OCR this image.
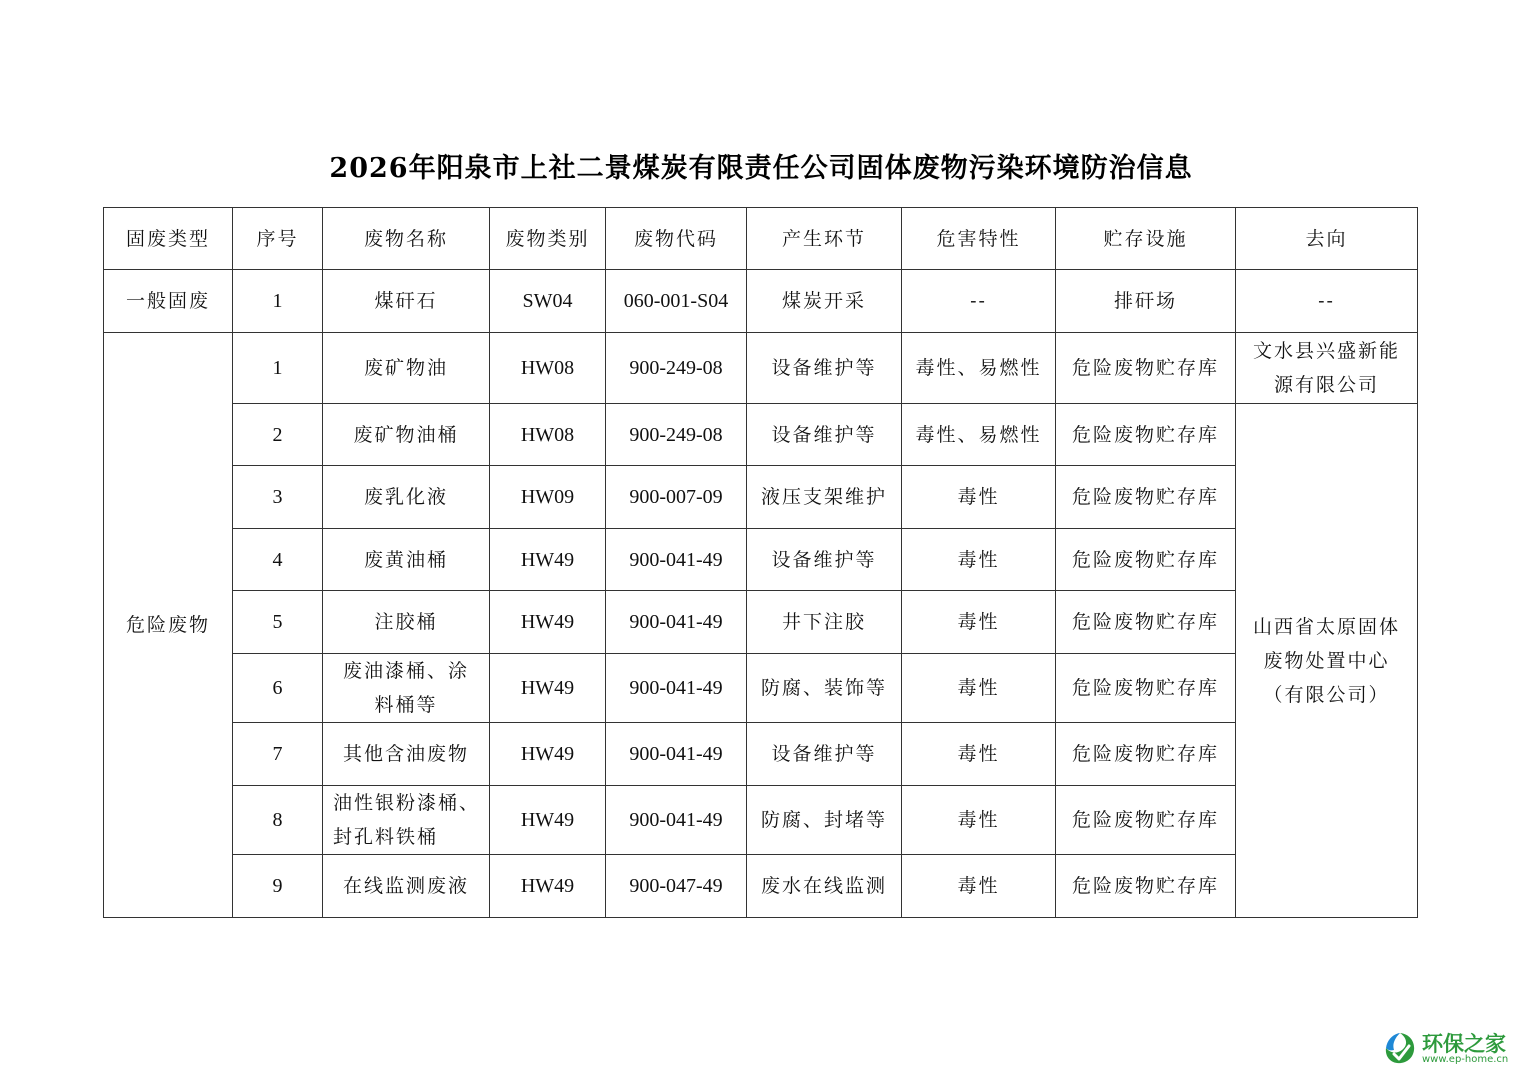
2026年阳泉市上社二景煤炭有限责任公司固体废物污染环境防治信息
固废类型	序号	废物名称	废物类别	废物代码	产生环节	危害特性	贮存设施	去向
一般固废	1	煤矸石	SW04	060-001-S04	煤炭开采	--	排矸场	--
危险废物	1	废矿物油	HW08	900-249-08	设备维护等	毒性、易燃性	危险废物贮存库	文水县兴盛新能源有限公司
	2	废矿物油桶	HW08	900-249-08	设备维护等	毒性、易燃性	危险废物贮存库	山西省太原固体废物处置中心（有限公司）
	3	废乳化液	HW09	900-007-09	液压支架维护	毒性	危险废物贮存库	
	4	废黄油桶	HW49	900-041-49	设备维护等	毒性	危险废物贮存库	
	5	注胶桶	HW49	900-041-49	井下注胶	毒性	危险废物贮存库	
	6	废油漆桶、涂料桶等	HW49	900-041-49	防腐、装饰等	毒性	危险废物贮存库	
	7	其他含油废物	HW49	900-041-49	设备维护等	毒性	危险废物贮存库	
	8	油性银粉漆桶、封孔料铁桶	HW49	900-041-49	防腐、封堵等	毒性	危险废物贮存库	
	9	在线监测废液	HW49	900-047-49	废水在线监测	毒性	危险废物贮存库	
环保之家
www.ep-home.cn
